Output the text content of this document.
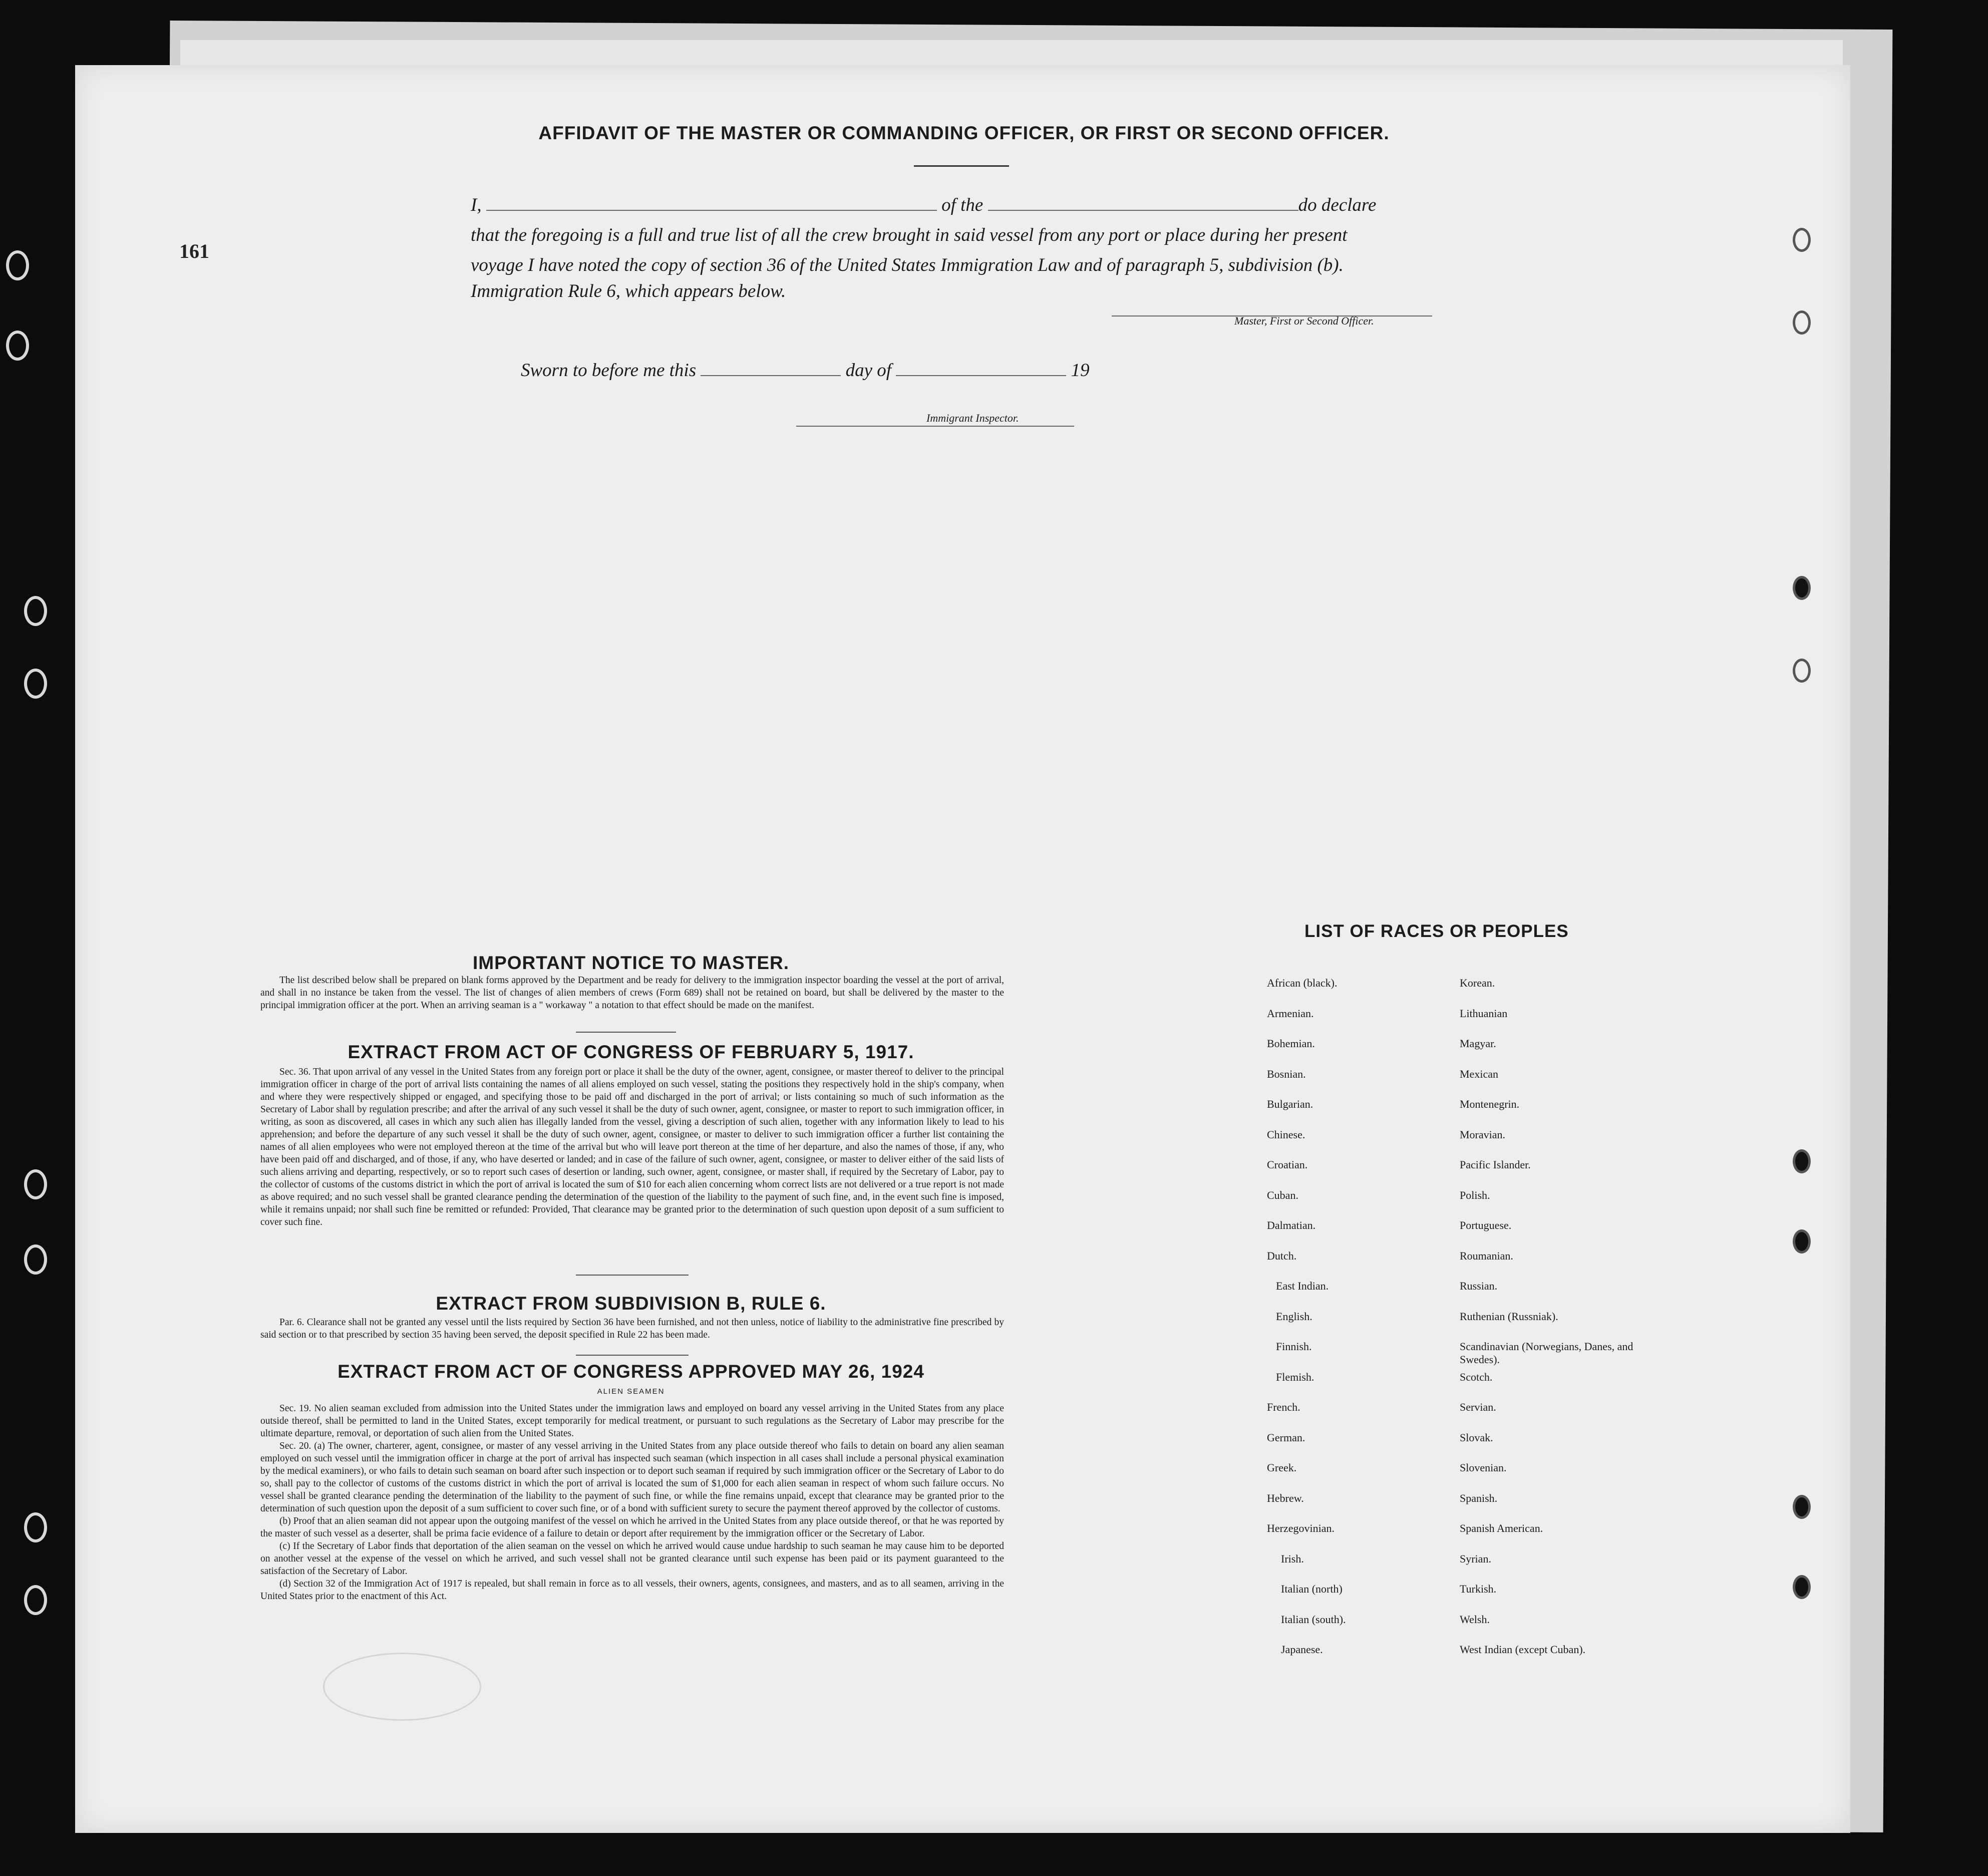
161
AFFIDAVIT OF THE MASTER OR COMMANDING OFFICER, OR FIRST OR SECOND OFFICER.
I,	of the	do declare
that the foregoing is a full and true list of all the crew brought in said vessel from any port or place during her present
voyage I have noted the copy of section 36 of the United States Immigration Law and of paragraph 5, subdivision (b).
Immigration Rule 6, which appears below.
Master, First or Second Officer.
Sworn to before me this	day of	19
Immigrant Inspector.
IMPORTANT NOTICE TO MASTER.
The list described below shall be prepared on blank forms approved by the Department and be ready for delivery to the immigration inspector boarding the vessel at the port of arrival, and shall in no instance be taken from the vessel. The list of changes of alien members of crews (Form 689) shall not be retained on board, but shall be delivered by the master to the principal immigration officer at the port. When an arriving seaman is a " workaway " a notation to that effect should be made on the manifest.
EXTRACT FROM ACT OF CONGRESS OF FEBRUARY 5, 1917.
Sec. 36. That upon arrival of any vessel in the United States from any foreign port or place it shall be the duty of the owner, agent, consignee, or master thereof to deliver to the principal immigration officer in charge of the port of arrival lists containing the names of all aliens employed on such vessel, stating the positions they respectively hold in the ship's company, when and where they were respectively shipped or engaged, and specifying those to be paid off and discharged in the port of arrival; or lists containing so much of such information as the Secretary of Labor shall by regulation prescribe; and after the arrival of any such vessel it shall be the duty of such owner, agent, consignee, or master to report to such immigration officer, in writing, as soon as discovered, all cases in which any such alien has illegally landed from the vessel, giving a description of such alien, together with any information likely to lead to his apprehension; and before the departure of any such vessel it shall be the duty of such owner, agent, consignee, or master to deliver to such immigration officer a further list containing the names of all alien employees who were not employed thereon at the time of the arrival but who will leave port thereon at the time of her departure, and also the names of those, if any, who have been paid off and discharged, and of those, if any, who have deserted or landed; and in case of the failure of such owner, agent, consignee, or master to deliver either of the said lists of such aliens arriving and departing, respectively, or so to report such cases of desertion or landing, such owner, agent, consignee, or master shall, if required by the Secretary of Labor, pay to the collector of customs of the customs district in which the port of arrival is located the sum of $10 for each alien concerning whom correct lists are not delivered or a true report is not made as above required; and no such vessel shall be granted clearance pending the determination of the question of the liability to the payment of such fine, and, in the event such fine is imposed, while it remains unpaid; nor shall such fine be remitted or refunded: Provided, That clearance may be granted prior to the determination of such question upon deposit of a sum sufficient to cover such fine.
EXTRACT FROM SUBDIVISION B, RULE 6.
Par. 6. Clearance shall not be granted any vessel until the lists required by Section 36 have been furnished, and not then unless, notice of liability to the administrative fine prescribed by said section or to that prescribed by section 35 having been served, the deposit specified in Rule 22 has been made.
EXTRACT FROM ACT OF CONGRESS APPROVED MAY 26, 1924
ALIEN SEAMEN
Sec. 19. No alien seaman excluded from admission into the United States under the immigration laws and employed on board any vessel arriving in the United States from any place outside thereof, shall be permitted to land in the United States, except temporarily for medical treatment, or pursuant to such regulations as the Secretary of Labor may prescribe for the ultimate departure, removal, or deportation of such alien from the United States.
Sec. 20. (a) The owner, charterer, agent, consignee, or master of any vessel arriving in the United States from any place outside thereof who fails to detain on board any alien seaman employed on such vessel until the immigration officer in charge at the port of arrival has inspected such seaman (which inspection in all cases shall include a personal physical examination by the medical examiners), or who fails to detain such seaman on board after such inspection or to deport such seaman if required by such immigration officer or the Secretary of Labor to do so, shall pay to the collector of customs of the customs district in which the port of arrival is located the sum of $1,000 for each alien seaman in respect of whom such failure occurs. No vessel shall be granted clearance pending the determination of the liability to the payment of such fine, or while the fine remains unpaid, except that clearance may be granted prior to the determination of such question upon the deposit of a sum sufficient to cover such fine, or of a bond with sufficient surety to secure the payment thereof approved by the collector of customs.
(b) Proof that an alien seaman did not appear upon the outgoing manifest of the vessel on which he arrived in the United States from any place outside thereof, or that he was reported by the master of such vessel as a deserter, shall be prima facie evidence of a failure to detain or deport after requirement by the immigration officer or the Secretary of Labor.
(c) If the Secretary of Labor finds that deportation of the alien seaman on the vessel on which he arrived would cause undue hardship to such seaman he may cause him to be deported on another vessel at the expense of the vessel on which he arrived, and such vessel shall not be granted clearance until such expense has been paid or its payment guaranteed to the satisfaction of the Secretary of Labor.
(d) Section 32 of the Immigration Act of 1917 is repealed, but shall remain in force as to all vessels, their owners, agents, consignees, and masters, and as to all seamen, arriving in the United States prior to the enactment of this Act.
LIST OF RACES OR PEOPLES
African (black).
Armenian.
Bohemian.
Bosnian.
Bulgarian.
Chinese.
Croatian.
Cuban.
Dalmatian.
Dutch.
East Indian.
English.
Finnish.
Flemish.
French.
German.
Greek.
Hebrew.
Herzegovinian.
Irish.
Italian (north)
Italian (south).
Japanese.
Korean.
Lithuanian
Magyar.
Mexican
Montenegrin.
Moravian.
Pacific Islander.
Polish.
Portuguese.
Roumanian.
Russian.
Ruthenian (Russniak).
Scandinavian (Norwegians, Danes, and Swedes).
Scotch.
Servian.
Slovak.
Slovenian.
Spanish.
Spanish American.
Syrian.
Turkish.
Welsh.
West Indian (except Cuban).
